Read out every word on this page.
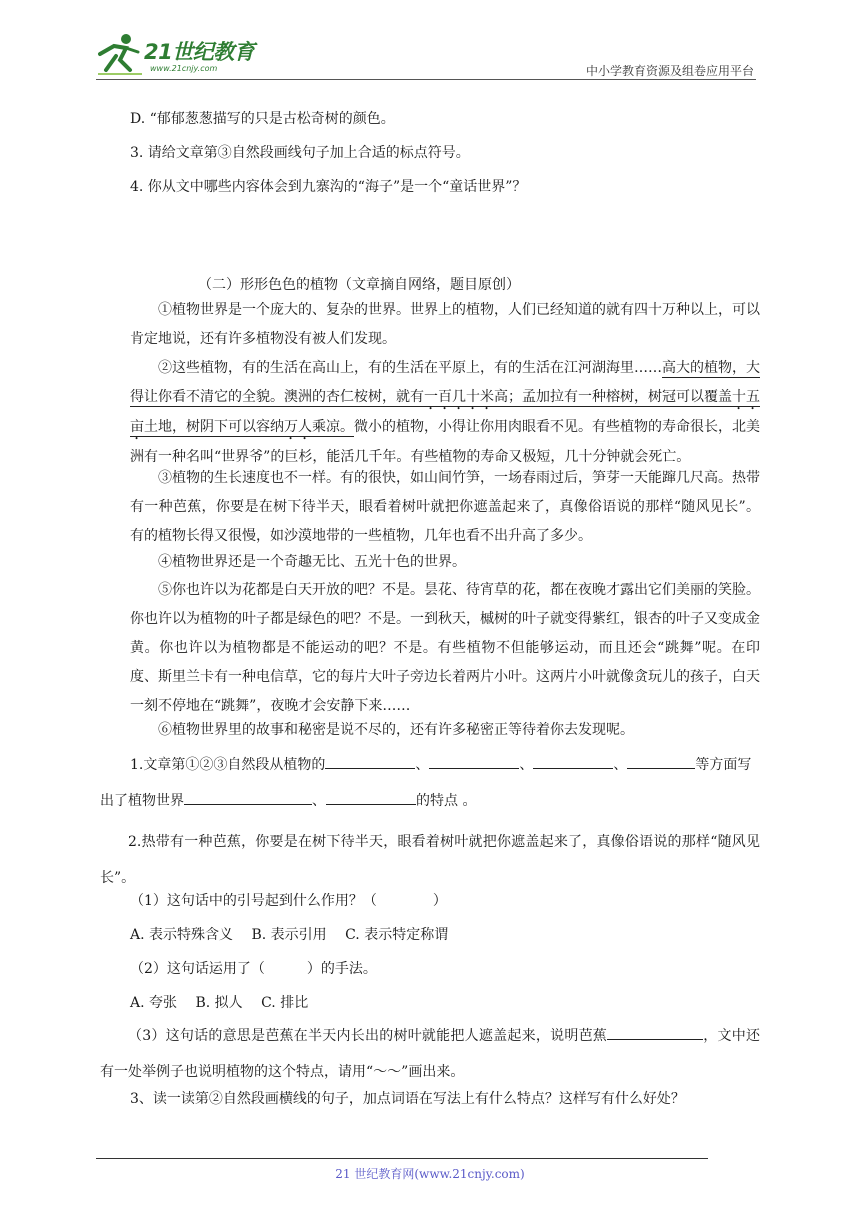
21世纪教育
www.21cnjy.com	中小学教育资源及组卷应用平台
D. “郁郁葱葱描写的只是古松奇树的颜色。
3. 请给文章第③自然段画线句子加上合适的标点符号。
4. 你从文中哪些内容体会到九寨沟的“海子”是一个“童话世界”？
（二）形形色色的植物（文章摘自网络，题目原创）
①植物世界是一个庞大的、复杂的世界。世界上的植物，人们已经知道的就有四十万种以上，可以肯定地说，还有许多植物没有被人们发现。
②这些植物，有的生活在高山上，有的生活在平原上，有的生活在江河湖海里……高大的植物，大得让你看不清它的全貌。澳洲的杏仁桉树，就有一百几十米高；孟加拉有一种榕树，树冠可以覆盖十五亩土地，树阴下可以容纳万人乘凉。微小的植物，小得让你用肉眼看不见。有些植物的寿命很长，北美洲有一种名叫“世界爷”的巨杉，能活几千年。有些植物的寿命又极短，几十分钟就会死亡。
③植物的生长速度也不一样。有的很快，如山间竹笋，一场春雨过后，笋芽一天能蹿几尺高。热带有一种芭蕉，你要是在树下待半天，眼看着树叶就把你遮盖起来了，真像俗语说的那样“随风见长”。有的植物长得又很慢，如沙漠地带的一些植物，几年也看不出升高了多少。
④植物世界还是一个奇趣无比、五光十色的世界。
⑤你也许以为花都是白天开放的吧？不是。昙花、待宵草的花，都在夜晚才露出它们美丽的笑脸。你也许以为植物的叶子都是绿色的吧？不是。一到秋天，槭树的叶子就变得紫红，银杏的叶子又变成金黄。你也许以为植物都是不能运动的吧？不是。有些植物不但能够运动，而且还会“跳舞”呢。在印度、斯里兰卡有一种电信草，它的每片大叶子旁边长着两片小叶。这两片小叶就像贪玩儿的孩子，白天一刻不停地在“跳舞”，夜晚才会安静下来……
⑥植物世界里的故事和秘密是说不尽的，还有许多秘密正等待着你去发现呢。
1.文章第①②③自然段从植物的	、	、	、	等方面写
出了植物世界	、	的特点 。
2.热带有一种芭蕉，你要是在树下待半天，眼看着树叶就把你遮盖起来了，真像俗语说的那样“随风见长”。
（1）这句话中的引号起到什么作用？（　　　　）
A. 表示特殊含义　 B. 表示引用　 C. 表示特定称谓
（2）这句话运用了（　　　）的手法。
A. 夸张　 B. 拟人　 C. 排比
（3）这句话的意思是芭蕉在半天内长出的树叶就能把人遮盖起来，说明芭蕉	，文中还有一处举例子也说明植物的这个特点，请用“～～”画出来。
3、读一读第②自然段画横线的句子，加点词语在写法上有什么特点？这样写有什么好处？
21 世纪教育网(www.21cnjy.com)
